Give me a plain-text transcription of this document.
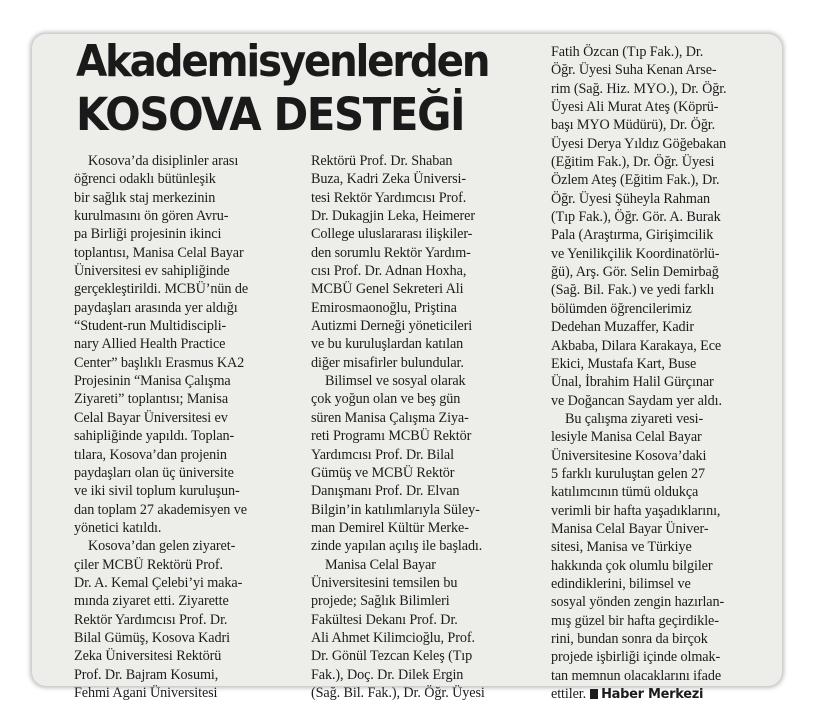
Akademisyenlerden
KOSOVA DESTEĞİ
Kosova’da disiplinler arası
öğrenci odaklı bütünleşik
bir sağlık staj merkezinin
kurulmasını ön gören Avru-
pa Birliği projesinin ikinci
toplantısı, Manisa Celal Bayar
Üniversitesi ev sahipliğinde
gerçekleştirildi. MCBÜ’nün de
paydaşları arasında yer aldığı
“Student-run Multidiscipli-
nary Allied Health Practice
Center” başlıklı Erasmus KA2
Projesinin “Manisa Çalışma
Ziyareti” toplantısı; Manisa
Celal Bayar Üniversitesi ev
sahipliğinde yapıldı. Toplan-
tılara, Kosova’dan projenin
paydaşları olan üç üniversite
ve iki sivil toplum kuruluşun-
dan toplam 27 akademisyen ve
yönetici katıldı.
Kosova’dan gelen ziyaret-
çiler MCBÜ Rektörü Prof.
Dr. A. Kemal Çelebi’yi maka-
mında ziyaret etti. Ziyarette
Rektör Yardımcısı Prof. Dr.
Bilal Gümüş, Kosova Kadri
Zeka Üniversitesi Rektörü
Prof. Dr. Bajram Kosumi,
Fehmi Agani Üniversitesi
Rektörü Prof. Dr. Shaban
Buza, Kadri Zeka Üniversi-
tesi Rektör Yardımcısı Prof.
Dr. Dukagjin Leka, Heimerer
College uluslararası ilişkiler-
den sorumlu Rektör Yardım-
cısı Prof. Dr. Adnan Hoxha,
MCBÜ Genel Sekreteri Ali
Emirosmaonoğlu, Priştina
Autizmi Derneği yöneticileri
ve bu kuruluşlardan katılan
diğer misafirler bulundular.
Bilimsel ve sosyal olarak
çok yoğun olan ve beş gün
süren Manisa Çalışma Ziya-
reti Programı MCBÜ Rektör
Yardımcısı Prof. Dr. Bilal
Gümüş ve MCBÜ Rektör
Danışmanı Prof. Dr. Elvan
Bilgin’in katılımlarıyla Süley-
man Demirel Kültür Merke-
zinde yapılan açılış ile başladı.
Manisa Celal Bayar
Üniversitesini temsilen bu
projede; Sağlık Bilimleri
Fakültesi Dekanı Prof. Dr.
Ali Ahmet Kilimcioğlu, Prof.
Dr. Gönül Tezcan Keleş (Tıp
Fak.), Doç. Dr. Dilek Ergin
(Sağ. Bil. Fak.), Dr. Öğr. Üyesi
Fatih Özcan (Tıp Fak.), Dr.
Öğr. Üyesi Suha Kenan Arse-
rim (Sağ. Hiz. MYO.), Dr. Öğr.
Üyesi Ali Murat Ateş (Köprü-
başı MYO Müdürü), Dr. Öğr.
Üyesi Derya Yıldız Göğebakan
(Eğitim Fak.), Dr. Öğr. Üyesi
Özlem Ateş (Eğitim Fak.), Dr.
Öğr. Üyesi Şüheyla Rahman
(Tıp Fak.), Öğr. Gör. A. Burak
Pala (Araştırma, Girişimcilik
ve Yenilikçilik Koordinatörlü-
ğü), Arş. Gör. Selin Demirbağ
(Sağ. Bil. Fak.) ve yedi farklı
bölümden öğrencilerimiz
Dedehan Muzaffer, Kadir
Akbaba, Dilara Karakaya, Ece
Ekici, Mustafa Kart, Buse
Ünal, İbrahim Halil Gürçınar
ve Doğancan Saydam yer aldı.
Bu çalışma ziyareti vesi-
lesiyle Manisa Celal Bayar
Üniversitesine Kosova’daki
5 farklı kuruluştan gelen 27
katılımcının tümü oldukça
verimli bir hafta yaşadıklarını,
Manisa Celal Bayar Üniver-
sitesi, Manisa ve Türkiye
hakkında çok olumlu bilgiler
edindiklerini, bilimsel ve
sosyal yönden zengin hazırlan-
mış güzel bir hafta geçirdikle-
rini, bundan sonra da birçok
projede işbirliği içinde olmak-
tan memnun olacaklarını ifade
ettiler. Haber Merkezi
